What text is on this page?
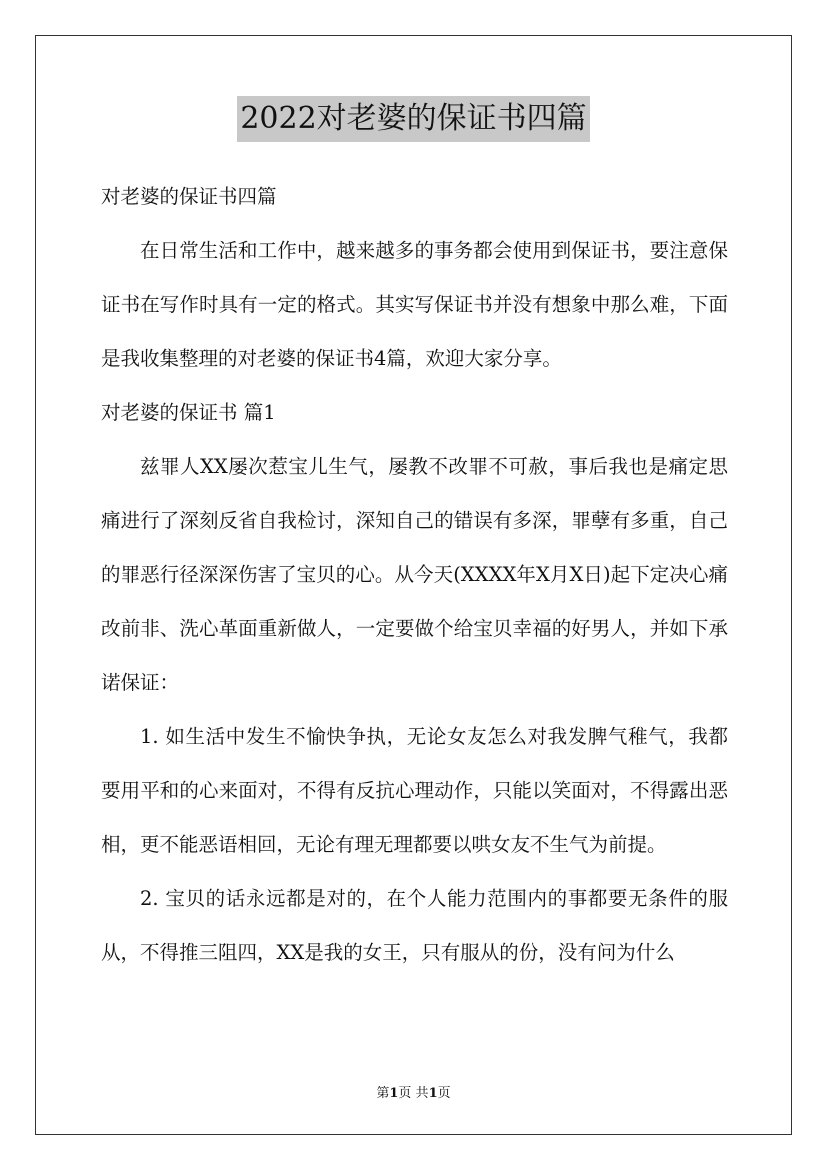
2022对老婆的保证书四篇

对老婆的保证书四篇

在日常生活和工作中，越来越多的事务都会使用到保证书，要注意保证书在写作时具有一定的格式。其实写保证书并没有想象中那么难，下面是我收集整理的对老婆的保证书4篇，欢迎大家分享。

对老婆的保证书 篇1

兹罪人XX屡次惹宝儿生气，屡教不改罪不可赦，事后我也是痛定思痛进行了深刻反省自我检讨，深知自己的错误有多深，罪孽有多重，自己的罪恶行径深深伤害了宝贝的心。从今天(XXXX年X月X日)起下定决心痛改前非、洗心革面重新做人，一定要做个给宝贝幸福的好男人，并如下承诺保证：

1. 如生活中发生不愉快争执，无论女友怎么对我发脾气稚气，我都要用平和的心来面对，不得有反抗心理动作，只能以笑面对，不得露出恶相，更不能恶语相回，无论有理无理都要以哄女友不生气为前提。

2. 宝贝的话永远都是对的，在个人能力范围内的事都要无条件的服从，不得推三阻四，XX是我的女王，只有服从的份，没有问为什么

第1页 共1页
